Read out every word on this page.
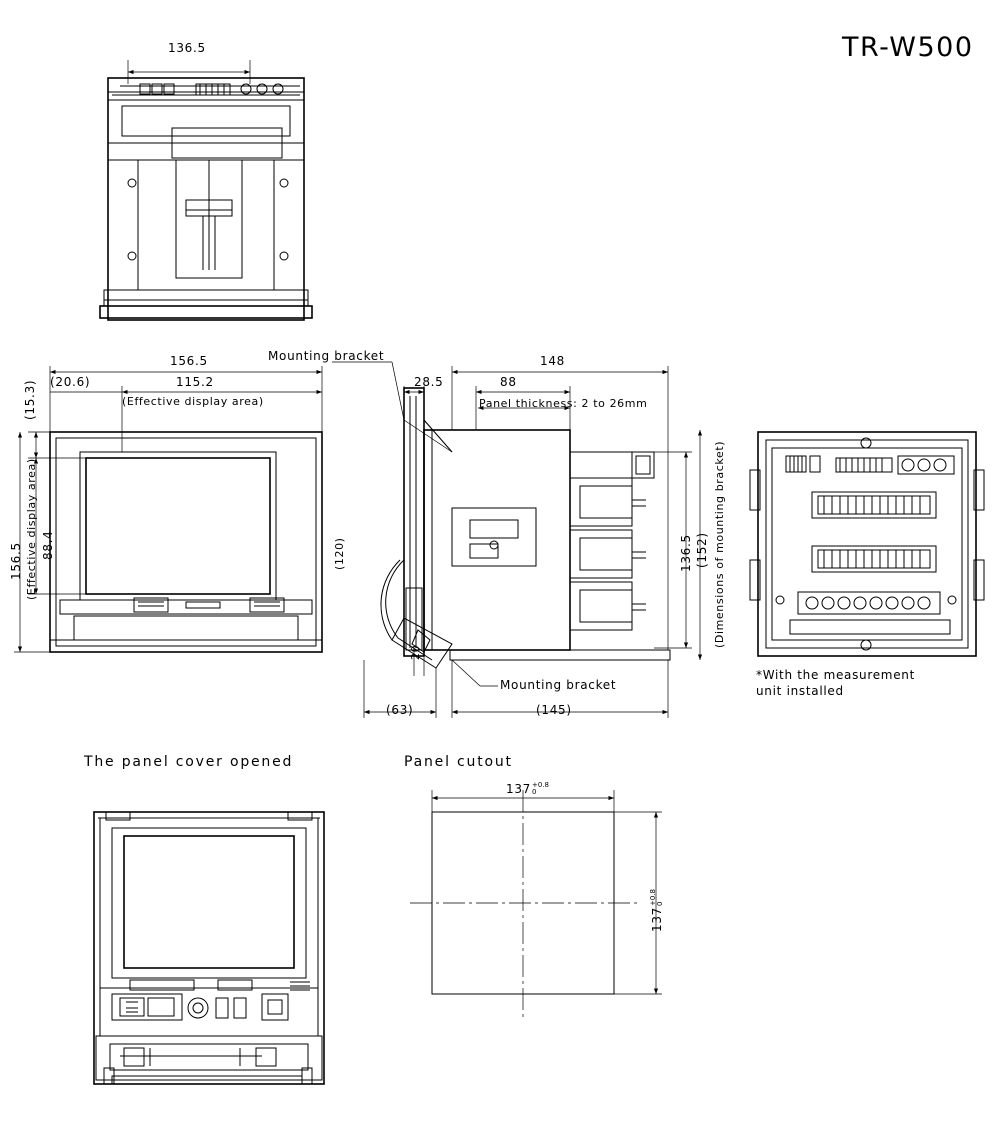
TR-W500
136.5
156.5
115.2
(Effective display area)
(20.6)
(15.3)
88.4
(Effective display area)
156.5
Mounting bracket	148
28.5	88
Panel thickness: 2 to 26mm
136.5 (152) (Dimensions of mounting bracket)
(120)
20
(63)	(145)
Mounting bracket
*With the measurement
unit installed
The panel cover opened	Panel cutout
137 +0.8
0
137
+0.8 0
